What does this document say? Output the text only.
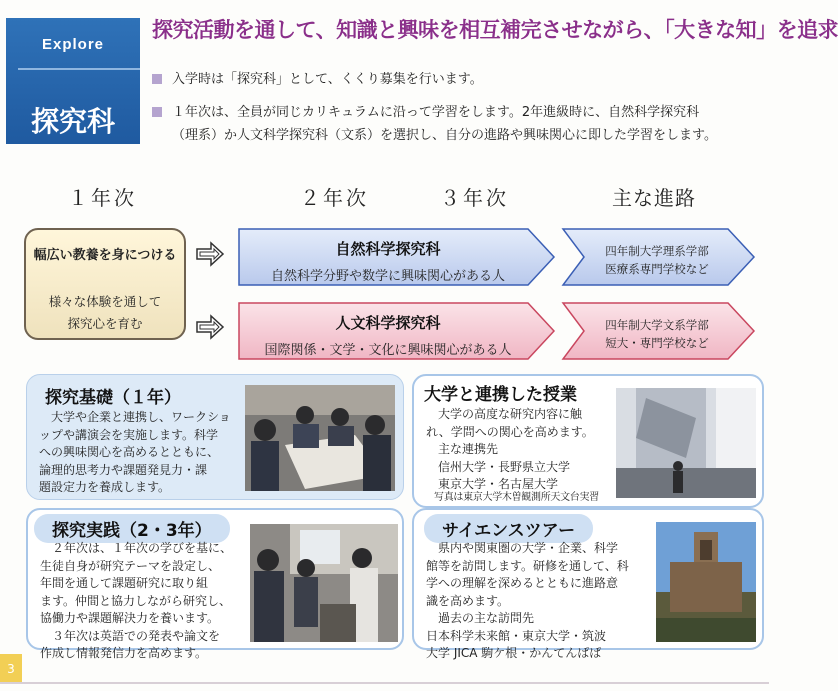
Explore
探究科
探究活動を通して、知識と興味を相互補完させながら、「大きな知」を追求
入学時は「探究科」として、くくり募集を行います。
１年次は、全員が同じカリキュラムに沿って学習をします。2年進級時に、自然科学探究科
（理系）か人文科学探究科（文系）を選択し、自分の進路や興味関心に即した学習をします。
１年次	２年次	３年次	主な進路
幅広い教養を身につける
様々な体験を通して
探究心を育む
自然科学探究科
自然科学分野や数学に興味関心がある人
人文科学探究科
国際関係・文学・文化に興味関心がある人
四年制大学理系学部
医療系専門学校など
四年制大学文系学部
短大・専門学校など
探究基礎（１年）
大学や企業と連携し、ワークショ
ップや講演会を実施します。科学
への興味関心を高めるとともに、
論理的思考力や課題発見力・課
題設定力を養成します。
大学と連携した授業
大学の高度な研究内容に触
れ、学問への関心を高めます。
主な連携先
信州大学・長野県立大学
東京大学・名古屋大学
写真は東京大学木曽観測所天文台実習
探究実践（2・3年）
２年次は、１年次の学びを基に、
生徒自身が研究テーマを設定し、
年間を通して課題研究に取り組
ます。仲間と協力しながら研究し、
協働力や課題解決力を養います。
３年次は英語での発表や論文を
作成し情報発信力を高めます。
サイエンスツアー
県内や関東圏の大学・企業、科学
館等を訪問します。研修を通して、科
学への理解を深めるとともに進路意
識を高めます。
過去の主な訪問先
日本科学未来館・東京大学・筑波
大学 JICA 駒ケ根・かんてんぱぱ
3
